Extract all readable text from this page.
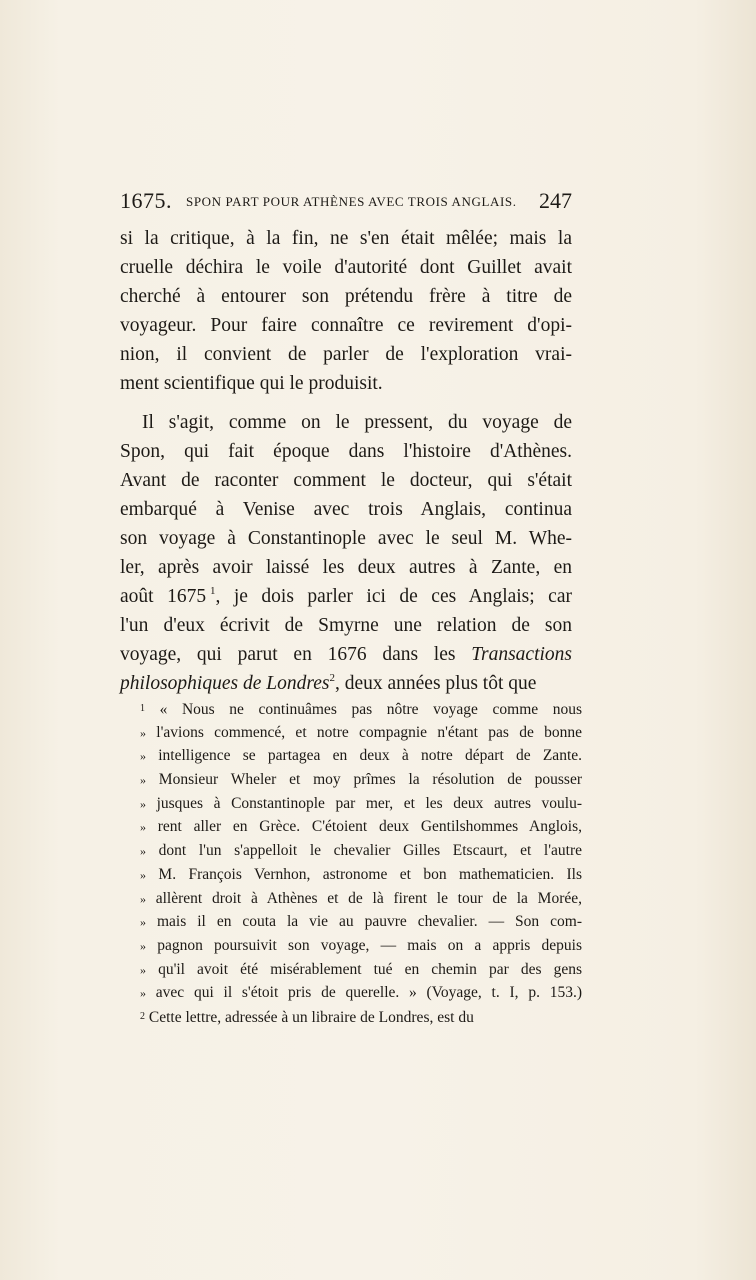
1675. SPON PART POUR ATHÈNES AVEC TROIS ANGLAIS. 247
si la critique, à la fin, ne s'en était mêlée; mais la
cruelle déchira le voile d'autorité dont Guillet avait
cherché à entourer son prétendu frère à titre de
voyageur. Pour faire connaître ce revirement d'opi-
nion, il convient de parler de l'exploration vrai-
ment scientifique qui le produisit.
Il s'agit, comme on le pressent, du voyage de
Spon, qui fait époque dans l'histoire d'Athènes.
Avant de raconter comment le docteur, qui s'était
embarqué à Venise avec trois Anglais, continua
son voyage à Constantinople avec le seul M. Whe-
ler, après avoir laissé les deux autres à Zante, en
août 1675  $^1$, je dois parler ici de ces Anglais; car
l'un d'eux écrivit de Smyrne une relation de son
voyage, qui parut en 1676 dans les Transactions
philosophiques de Londres$^2$, deux années plus tôt que
1 « Nous ne continuâmes pas nôtre voyage comme nous
» l'avions commencé, et notre compagnie n'étant pas de bonne
» intelligence se partagea en deux à notre départ de Zante.
» Monsieur Wheler et moy prîmes la résolution de pousser
» jusques à Constantinople par mer, et les deux autres voulu-
» rent aller en Grèce. C'étoient deux Gentilshommes Anglois,
» dont l'un s'appelloit le chevalier Gilles Etscaurt, et l'autre
» M. François Vernhon, astronome et bon mathematicien. Ils
» allèrent droit à Athènes et de là firent le tour de la Morée,
» mais il en couta la vie au pauvre chevalier. — Son com-
» pagnon poursuivit son voyage, — mais on a appris depuis
» qu'il avoit été misérablement tué en chemin par des gens
» avec qui il s'étoit pris de querelle. » (Voyage, t. I, p. 153.)
2 Cette lettre, adressée à un libraire de Londres, est du
